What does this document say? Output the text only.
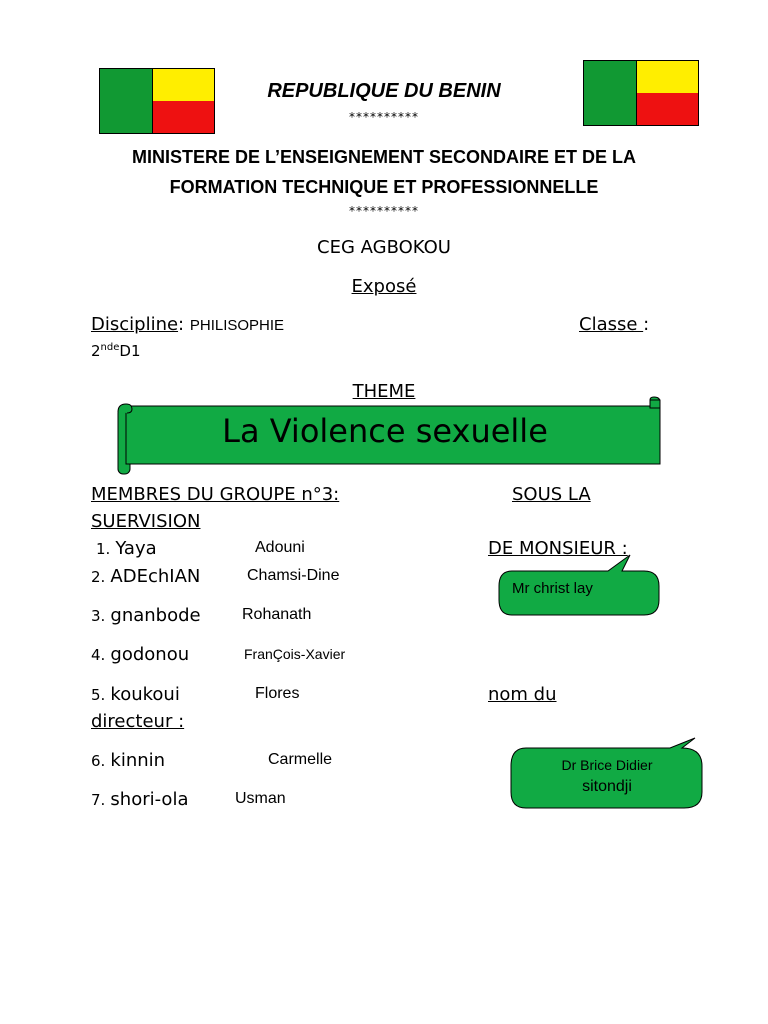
REPUBLIQUE DU BENIN
**********
MINISTERE DE L’ENSEIGNEMENT SECONDAIRE ET DE LA
FORMATION TECHNIQUE ET PROFESSIONNELLE
**********
CEG AGBOKOU
Exposé
Discipline: PHILISOPHIE	Classe :
2ndeD1
THEME
La Violence sexuelle
MEMBRES DU GROUPE n°3:	SOUS LA
SUERVISION
DE MONSIEUR :
1. Yaya	Adouni
2. ADEchIAN	Chamsi-Dine
3. gnanbode	Rohanath
4. godonou	FranÇois-Xavier
5. koukoui	Flores	nom du
directeur :
6. kinnin	Carmelle
7. shori-ola	Usman
Mr christ lay
Dr Brice Didier
sitondji
